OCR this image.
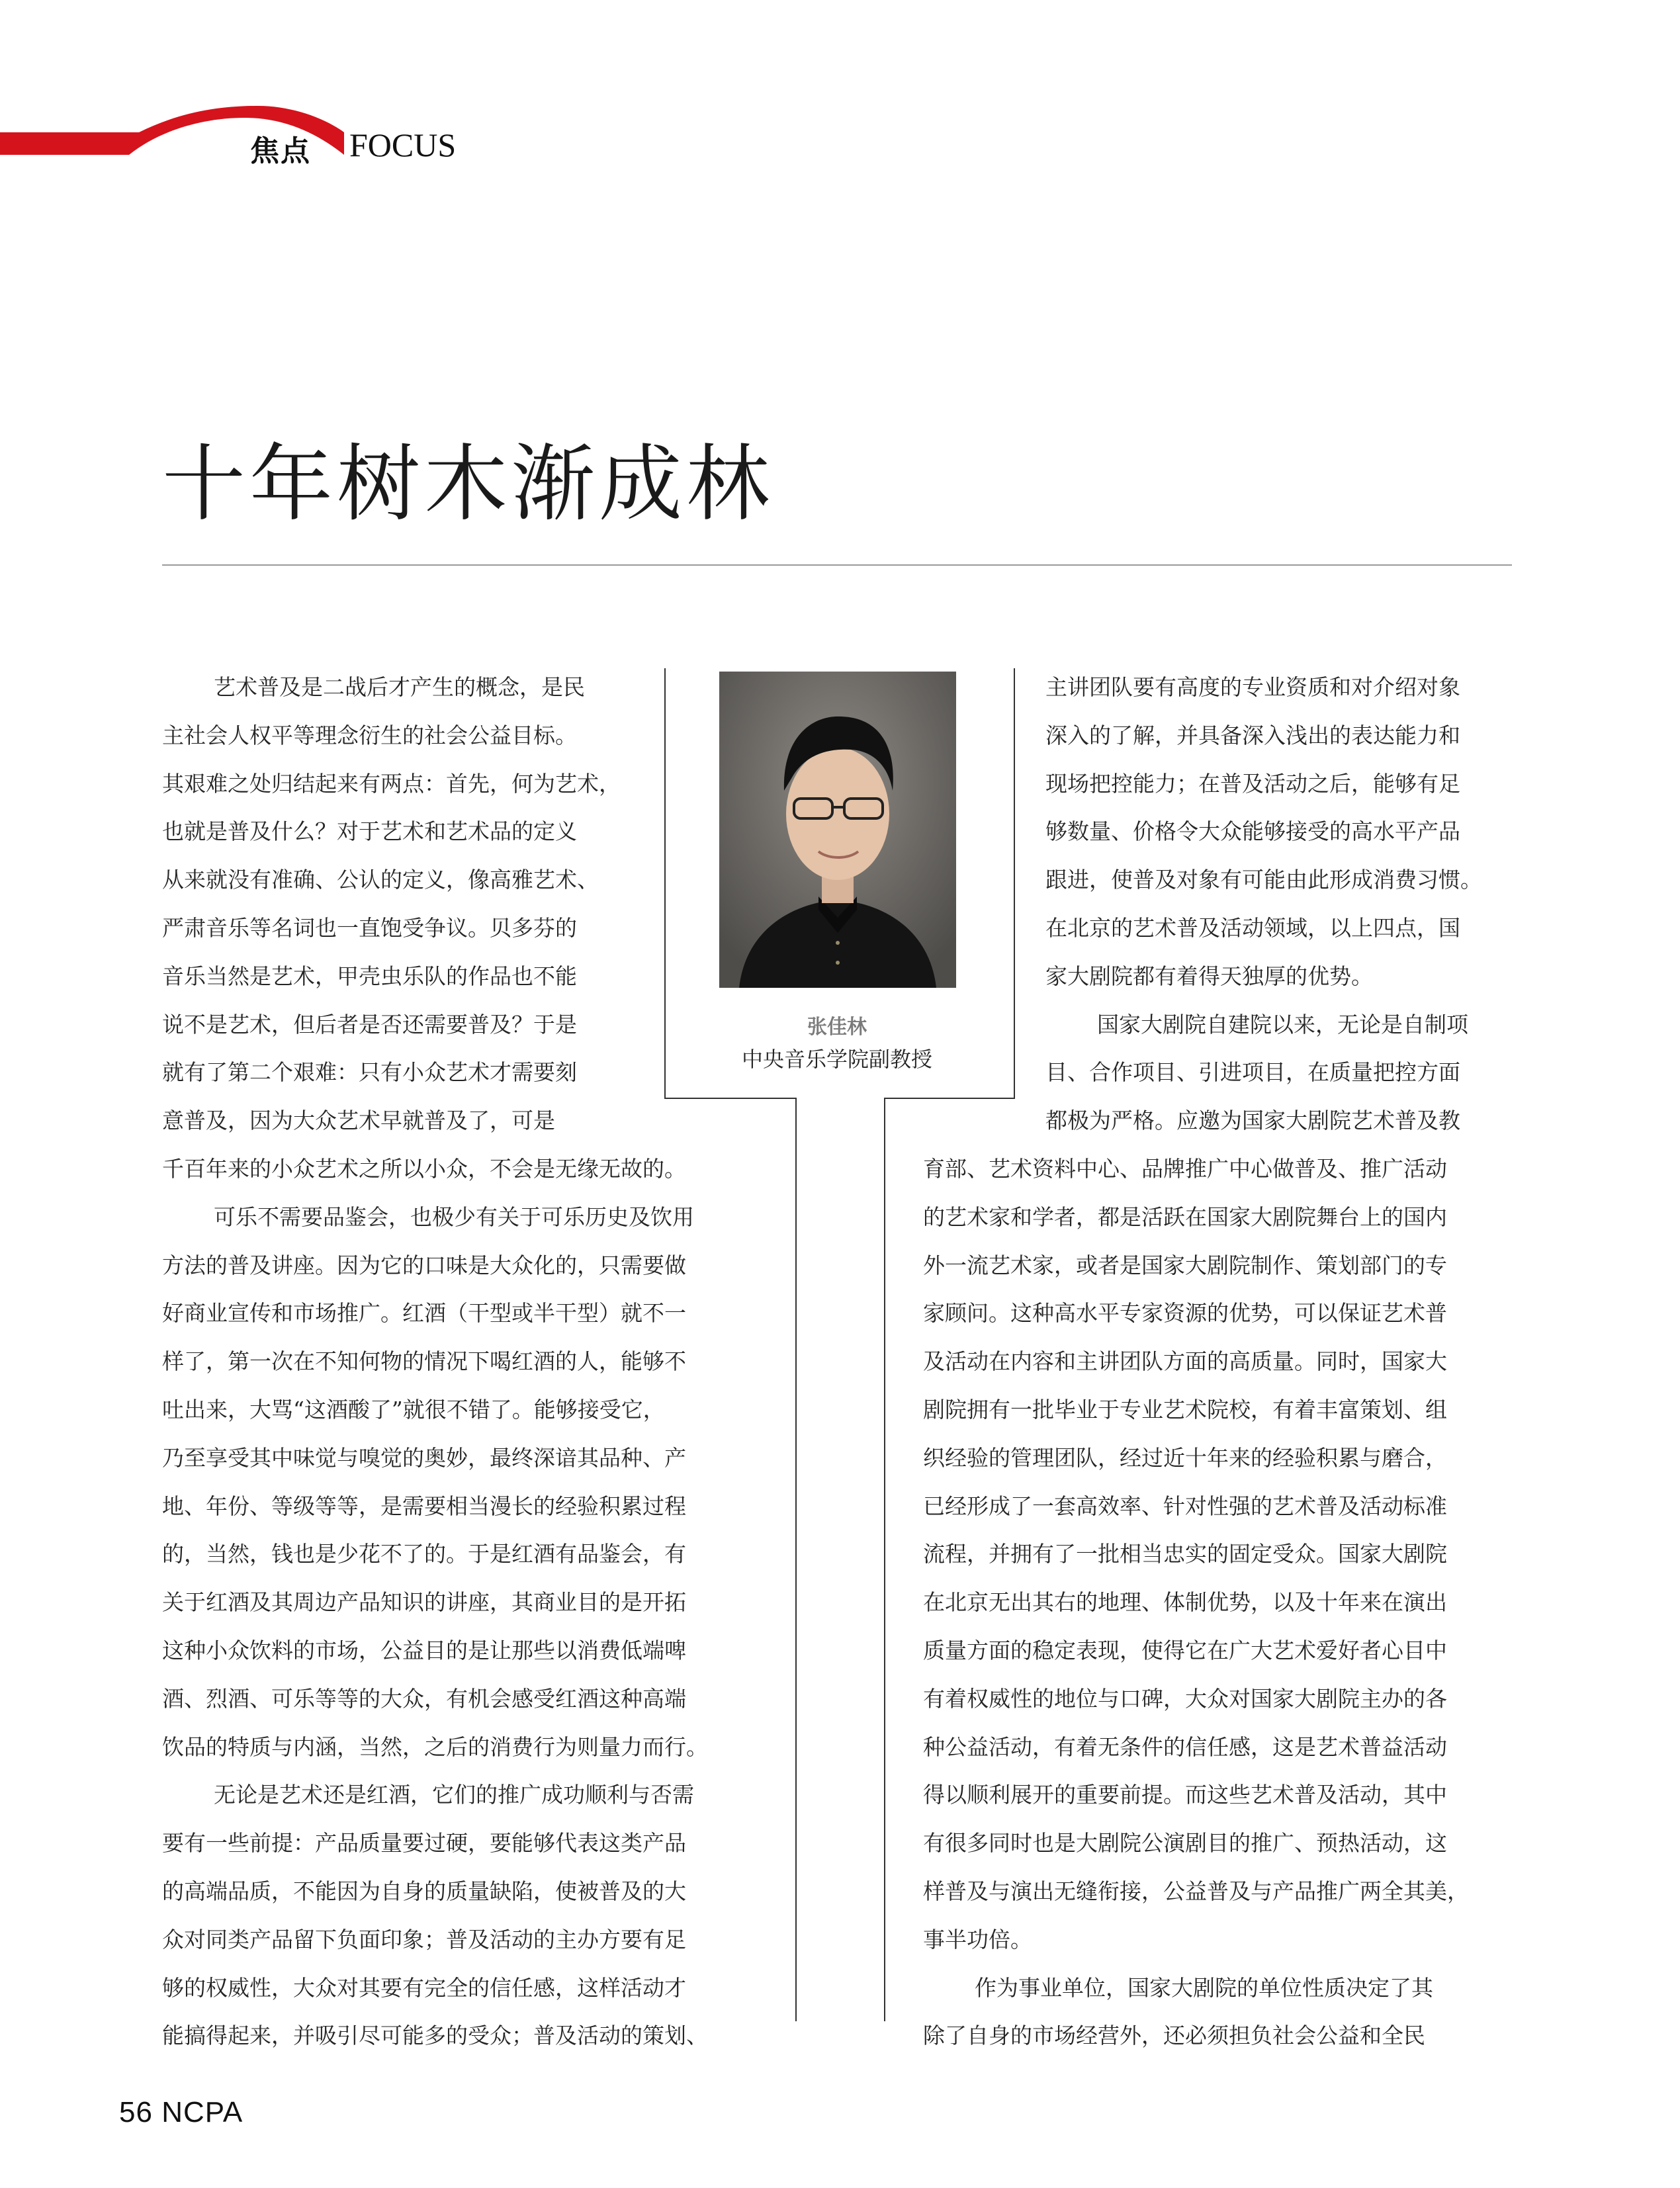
焦点 FOCUS
十年树木渐成林
张佳林
中央音乐学院副教授
艺术普及是二战后才产生的概念，是民
主社会人权平等理念衍生的社会公益目标。
其艰难之处归结起来有两点：首先，何为艺术，
也就是普及什么？对于艺术和艺术品的定义
从来就没有准确、公认的定义，像高雅艺术、
严肃音乐等名词也一直饱受争议。贝多芬的
音乐当然是艺术，甲壳虫乐队的作品也不能
说不是艺术，但后者是否还需要普及？于是
就有了第二个艰难：只有小众艺术才需要刻
意普及，因为大众艺术早就普及了，可是
千百年来的小众艺术之所以小众，不会是无缘无故的。
可乐不需要品鉴会，也极少有关于可乐历史及饮用
方法的普及讲座。因为它的口味是大众化的，只需要做
好商业宣传和市场推广。红酒（干型或半干型）就不一
样了，第一次在不知何物的情况下喝红酒的人，能够不
吐出来，大骂“这酒酸了”就很不错了。能够接受它，
乃至享受其中味觉与嗅觉的奥妙，最终深谙其品种、产
地、年份、等级等等，是需要相当漫长的经验积累过程
的，当然，钱也是少花不了的。于是红酒有品鉴会，有
关于红酒及其周边产品知识的讲座，其商业目的是开拓
这种小众饮料的市场，公益目的是让那些以消费低端啤
酒、烈酒、可乐等等的大众，有机会感受红酒这种高端
饮品的特质与内涵，当然，之后的消费行为则量力而行。
无论是艺术还是红酒，它们的推广成功顺利与否需
要有一些前提：产品质量要过硬，要能够代表这类产品
的高端品质，不能因为自身的质量缺陷，使被普及的大
众对同类产品留下负面印象；普及活动的主办方要有足
够的权威性，大众对其要有完全的信任感，这样活动才
能搞得起来，并吸引尽可能多的受众；普及活动的策划、
主讲团队要有高度的专业资质和对介绍对象
深入的了解，并具备深入浅出的表达能力和
现场把控能力；在普及活动之后，能够有足
够数量、价格令大众能够接受的高水平产品
跟进，使普及对象有可能由此形成消费习惯。
在北京的艺术普及活动领域，以上四点，国
家大剧院都有着得天独厚的优势。
国家大剧院自建院以来，无论是自制项
目、合作项目、引进项目，在质量把控方面
都极为严格。应邀为国家大剧院艺术普及教
育部、艺术资料中心、品牌推广中心做普及、推广活动
的艺术家和学者，都是活跃在国家大剧院舞台上的国内
外一流艺术家，或者是国家大剧院制作、策划部门的专
家顾问。这种高水平专家资源的优势，可以保证艺术普
及活动在内容和主讲团队方面的高质量。同时，国家大
剧院拥有一批毕业于专业艺术院校，有着丰富策划、组
织经验的管理团队，经过近十年来的经验积累与磨合，
已经形成了一套高效率、针对性强的艺术普及活动标准
流程，并拥有了一批相当忠实的固定受众。国家大剧院
在北京无出其右的地理、体制优势，以及十年来在演出
质量方面的稳定表现，使得它在广大艺术爱好者心目中
有着权威性的地位与口碑，大众对国家大剧院主办的各
种公益活动，有着无条件的信任感，这是艺术普益活动
得以顺利展开的重要前提。而这些艺术普及活动，其中
有很多同时也是大剧院公演剧目的推广、预热活动，这
样普及与演出无缝衔接，公益普及与产品推广两全其美，
事半功倍。
作为事业单位，国家大剧院的单位性质决定了其
除了自身的市场经营外，还必须担负社会公益和全民
56 NCPA
